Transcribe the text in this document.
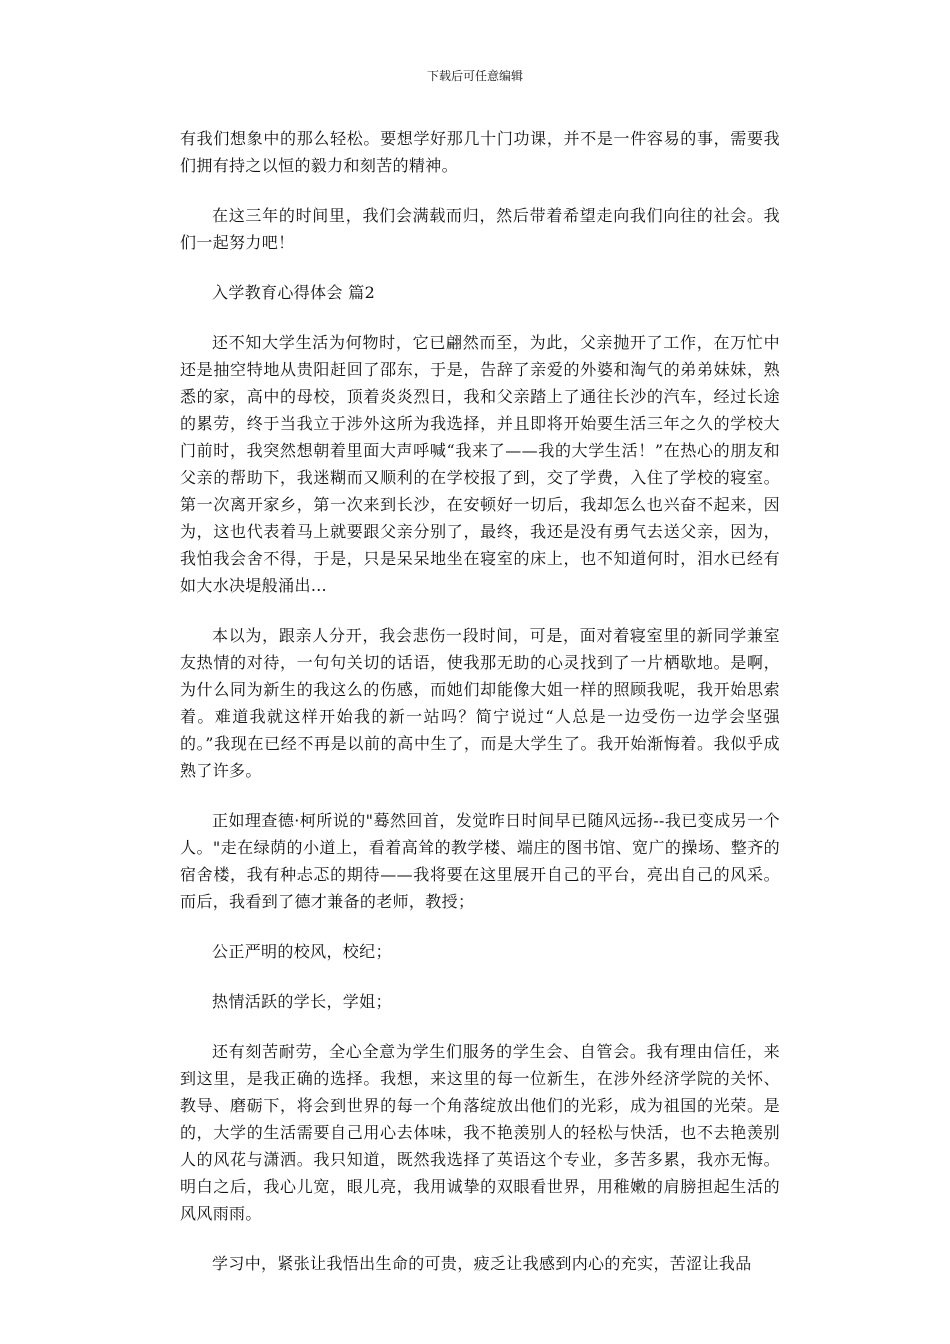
下载后可任意编辑

有我们想象中的那么轻松。要想学好那几十门功课，并不是一件容易的事，需要我们拥有持之以恒的毅力和刻苦的精神。

在这三年的时间里，我们会满载而归，然后带着希望走向我们向往的社会。我们一起努力吧！

入学教育心得体会 篇2

还不知大学生活为何物时，它已翩然而至，为此，父亲抛开了工作，在万忙中还是抽空特地从贵阳赶回了邵东，于是，告辞了亲爱的外婆和淘气的弟弟妹妹，熟悉的家，高中的母校，顶着炎炎烈日，我和父亲踏上了通往长沙的汽车，经过长途的累劳，终于当我立于涉外这所为我选择，并且即将开始要生活三年之久的学校大门前时，我突然想朝着里面大声呼喊“我来了——我的大学生活！”在热心的朋友和父亲的帮助下，我迷糊而又顺利的在学校报了到，交了学费，入住了学校的寝室。第一次离开家乡，第一次来到长沙，在安顿好一切后，我却怎么也兴奋不起来，因为，这也代表着马上就要跟父亲分别了，最终，我还是没有勇气去送父亲，因为，我怕我会舍不得，于是，只是呆呆地坐在寝室的床上，也不知道何时，泪水已经有如大水决堤般涌出…

本以为，跟亲人分开，我会悲伤一段时间，可是，面对着寝室里的新同学兼室友热情的对待，一句句关切的话语，使我那无助的心灵找到了一片栖歇地。是啊，为什么同为新生的我这么的伤感，而她们却能像大姐一样的照顾我呢，我开始思索着。难道我就这样开始我的新一站吗？简宁说过“人总是一边受伤一边学会坚强的。”我现在已经不再是以前的高中生了，而是大学生了。我开始渐悔着。我似乎成熟了许多。

正如理查德·柯所说的"蓦然回首，发觉昨日时间早已随风远扬--我已变成另一个人。"走在绿荫的小道上，看着高耸的教学楼、端庄的图书馆、宽广的操场、整齐的宿舍楼，我有种忐忑的期待——我将要在这里展开自己的平台，亮出自己的风采。而后，我看到了德才兼备的老师，教授；

公正严明的校风，校纪；

热情活跃的学长，学姐；

还有刻苦耐劳，全心全意为学生们服务的学生会、自管会。我有理由信任，来到这里，是我正确的选择。我想，来这里的每一位新生，在涉外经济学院的关怀、教导、磨砺下，将会到世界的每一个角落绽放出他们的光彩，成为祖国的光荣。是的，大学的生活需要自己用心去体味，我不艳羡别人的轻松与快活，也不去艳羡别人的风花与潇洒。我只知道，既然我选择了英语这个专业，多苦多累，我亦无悔。明白之后，我心儿宽，眼儿亮，我用诚挚的双眼看世界，用稚嫩的肩膀担起生活的风风雨雨。

学习中，紧张让我悟出生命的可贵，疲乏让我感到内心的充实，苦涩让我品
